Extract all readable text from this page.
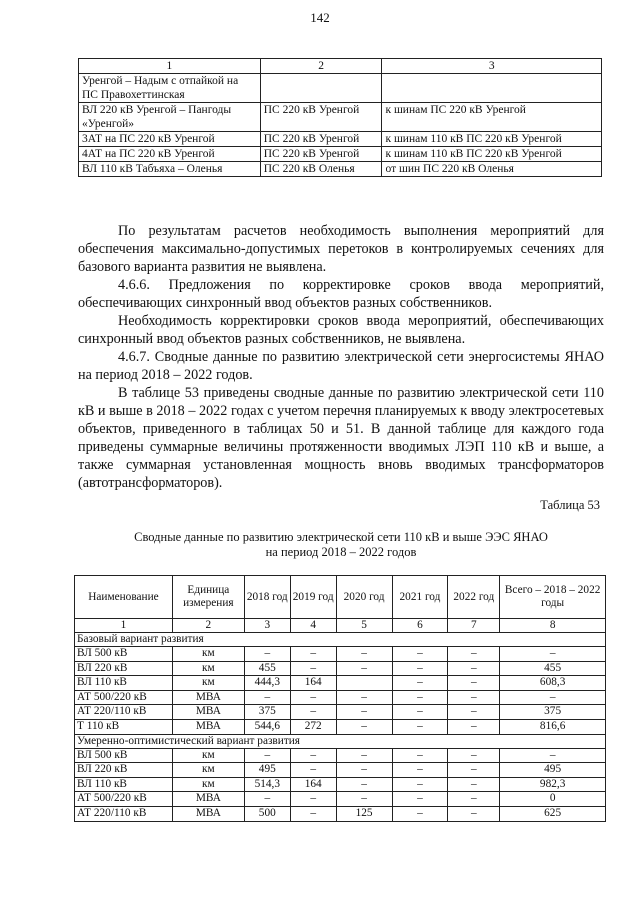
142
1	2	3
Уренгой – Надым с отпайкой на ПС Правохеттинская		
ВЛ 220 кВ Уренгой – Пангоды «Уренгой»	ПС 220 кВ Уренгой	к шинам ПС 220 кВ Уренгой
3АТ на ПС 220 кВ Уренгой	ПС 220 кВ Уренгой	к шинам 110 кВ ПС 220 кВ Уренгой
4АТ на ПС 220 кВ Уренгой	ПС 220 кВ Уренгой	к шинам 110 кВ ПС 220 кВ Уренгой
ВЛ 110 кВ Табъяха – Оленья	ПС 220 кВ Оленья	от шин ПС 220 кВ Оленья

По результатам расчетов необходимость выполнения мероприятий для обеспечения максимально-допустимых перетоков в контролируемых сечениях для базового варианта развития не выявлена.

4.6.6. Предложения по корректировке сроков ввода мероприятий, обеспечивающих синхронный ввод объектов разных собственников.

Необходимость корректировки сроков ввода мероприятий, обеспечивающих синхронный ввод объектов разных собственников, не выявлена.

4.6.7. Сводные данные по развитию электрической сети энергосистемы ЯНАО на период 2018 – 2022 годов.

В таблице 53 приведены сводные данные по развитию электрической сети 110 кВ и выше в 2018 – 2022 годах с учетом перечня планируемых к вводу электросетевых объектов, приведенного в таблицах 50 и 51. В данной таблице для каждого года приведены суммарные величины протяженности вводимых ЛЭП 110 кВ и выше, а также суммарная установленная мощность вновь вводимых трансформаторов (автотрансформаторов).

Таблица 53
Сводные данные по развитию электрической сети 110 кВ и выше ЭЭС ЯНАО
на период 2018 – 2022 годов
Наименование	Единица измерения	2018 год	2019 год	2020 год	2021 год	2022 год	Всего – 2018 – 2022 годы
1	2	3	4	5	6	7	8
Базовый вариант развития							
ВЛ 500 кВ	км	–	–	–	–	–	–
ВЛ 220 кВ	км	455	–	–	–	–	455
ВЛ 110 кВ	км	444,3	164		–	–	608,3
АТ 500/220 кВ	МВА	–	–	–	–	–	–
АТ 220/110 кВ	МВА	375	–	–	–	–	375
Т 110 кВ	МВА	544,6	272	–	–	–	816,6
Умеренно-оптимистический вариант развития							
ВЛ 500 кВ	км	–	–	–	–	–	–
ВЛ 220 кВ	км	495	–	–	–	–	495
ВЛ 110 кВ	км	514,3	164	–	–	–	982,3
АТ 500/220 кВ	МВА	–	–	–	–	–	0
АТ 220/110 кВ	МВА	500	–	125	–	–	625
